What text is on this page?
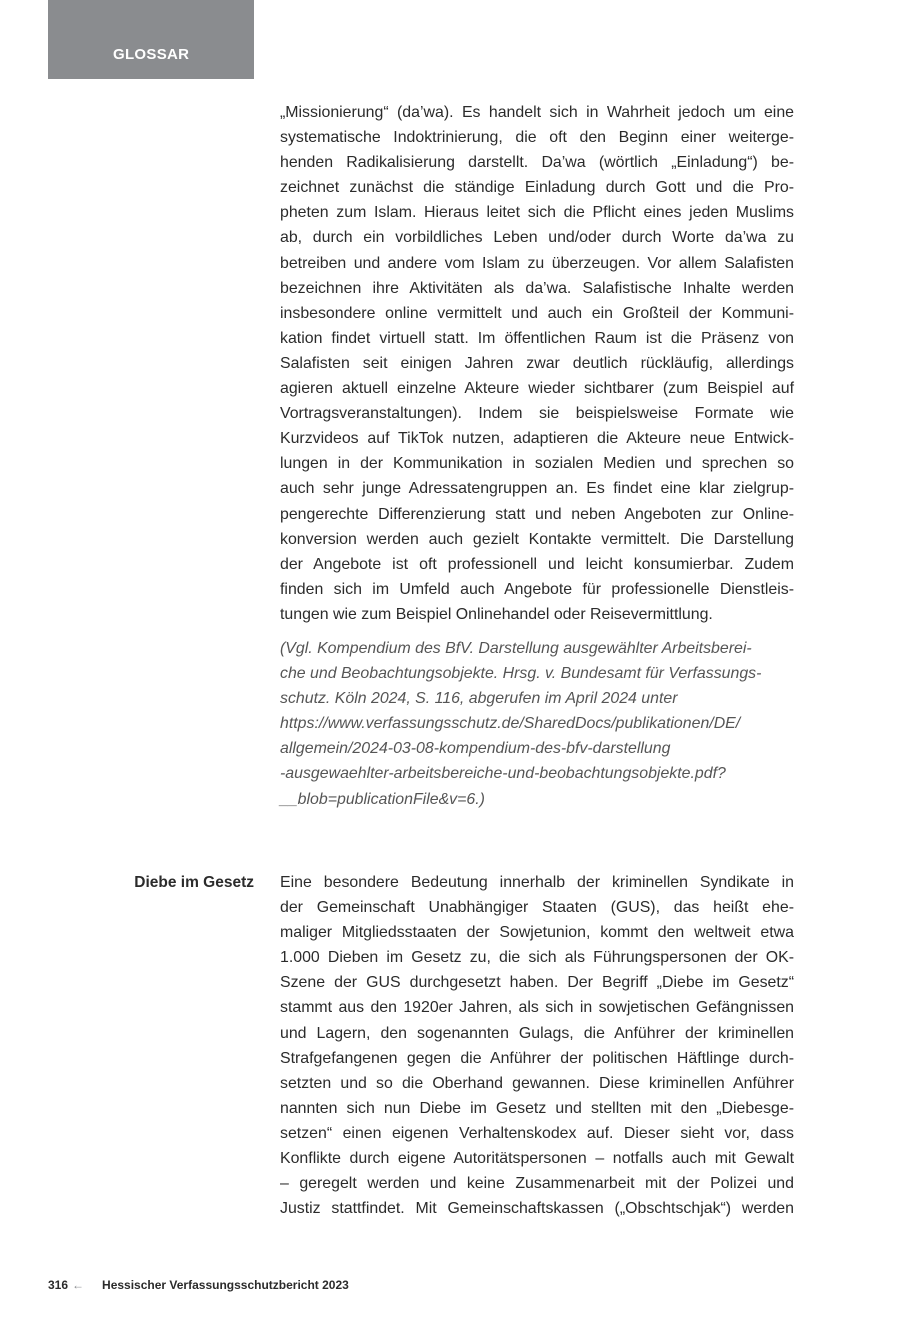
GLOSSAR
„Missionierung“ (da’wa). Es handelt sich in Wahrheit jedoch um eine
systematische Indoktrinierung, die oft den Beginn einer weiterge-
henden Radikalisierung darstellt. Da’wa (wörtlich „Einladung“) be-
zeichnet zunächst die ständige Einladung durch Gott und die Pro-
pheten zum Islam. Hieraus leitet sich die Pflicht eines jeden Muslims
ab, durch ein vorbildliches Leben und/oder durch Worte da’wa zu
betreiben und andere vom Islam zu überzeugen. Vor allem Salafisten
bezeichnen ihre Aktivitäten als da’wa. Salafistische Inhalte werden
insbesondere online vermittelt und auch ein Großteil der Kommuni-
kation findet virtuell statt. Im öffentlichen Raum ist die Präsenz von
Salafisten seit einigen Jahren zwar deutlich rückläufig, allerdings
agieren aktuell einzelne Akteure wieder sichtbarer (zum Beispiel auf
Vortragsveranstaltungen). Indem sie beispielsweise Formate wie
Kurzvideos auf TikTok nutzen, adaptieren die Akteure neue Entwick-
lungen in der Kommunikation in sozialen Medien und sprechen so
auch sehr junge Adressatengruppen an. Es findet eine klar zielgrup-
pengerechte Differenzierung statt und neben Angeboten zur Online-
konversion werden auch gezielt Kontakte vermittelt. Die Darstellung
der Angebote ist oft professionell und leicht konsumierbar. Zudem
finden sich im Umfeld auch Angebote für professionelle Dienstleis-
tungen wie zum Beispiel Onlinehandel oder Reisevermittlung.
(Vgl. Kompendium des BfV. Darstellung ausgewählter Arbeitsberei-
che und Beobachtungsobjekte. Hrsg. v. Bundesamt für Verfassungs-
schutz. Köln 2024, S. 116, abgerufen im April 2024 unter
https://www.verfassungsschutz.de/SharedDocs/publikationen/DE/
allgemein/2024-03-08-kompendium-des-bfv-darstellung
-ausgewaehlter-arbeitsbereiche-und-beobachtungsobjekte.pdf?
__blob=publicationFile&v=6.)
Diebe im Gesetz Eine besondere Bedeutung innerhalb der kriminellen Syndikate in
der Gemeinschaft Unabhängiger Staaten (GUS), das heißt ehe-
maliger Mitgliedsstaaten der Sowjetunion, kommt den weltweit etwa
1.000 Dieben im Gesetz zu, die sich als Führungspersonen der OK-
Szene der GUS durchgesetzt haben. Der Begriff „Diebe im Gesetz“
stammt aus den 1920er Jahren, als sich in sowjetischen Gefängnissen
und Lagern, den sogenannten Gulags, die Anführer der kriminellen
Strafgefangenen gegen die Anführer der politischen Häftlinge durch-
setzten und so die Oberhand gewannen. Diese kriminellen Anführer
nannten sich nun Diebe im Gesetz und stellten mit den „Diebesge-
setzen“ einen eigenen Verhaltenskodex auf. Dieser sieht vor, dass
Konflikte durch eigene Autoritätspersonen – notfalls auch mit Gewalt
– geregelt werden und keine Zusammenarbeit mit der Polizei und
Justiz stattfindet. Mit Gemeinschaftskassen („Obschtschjak“) werden
316 ← Hessischer Verfassungsschutzbericht 2023
